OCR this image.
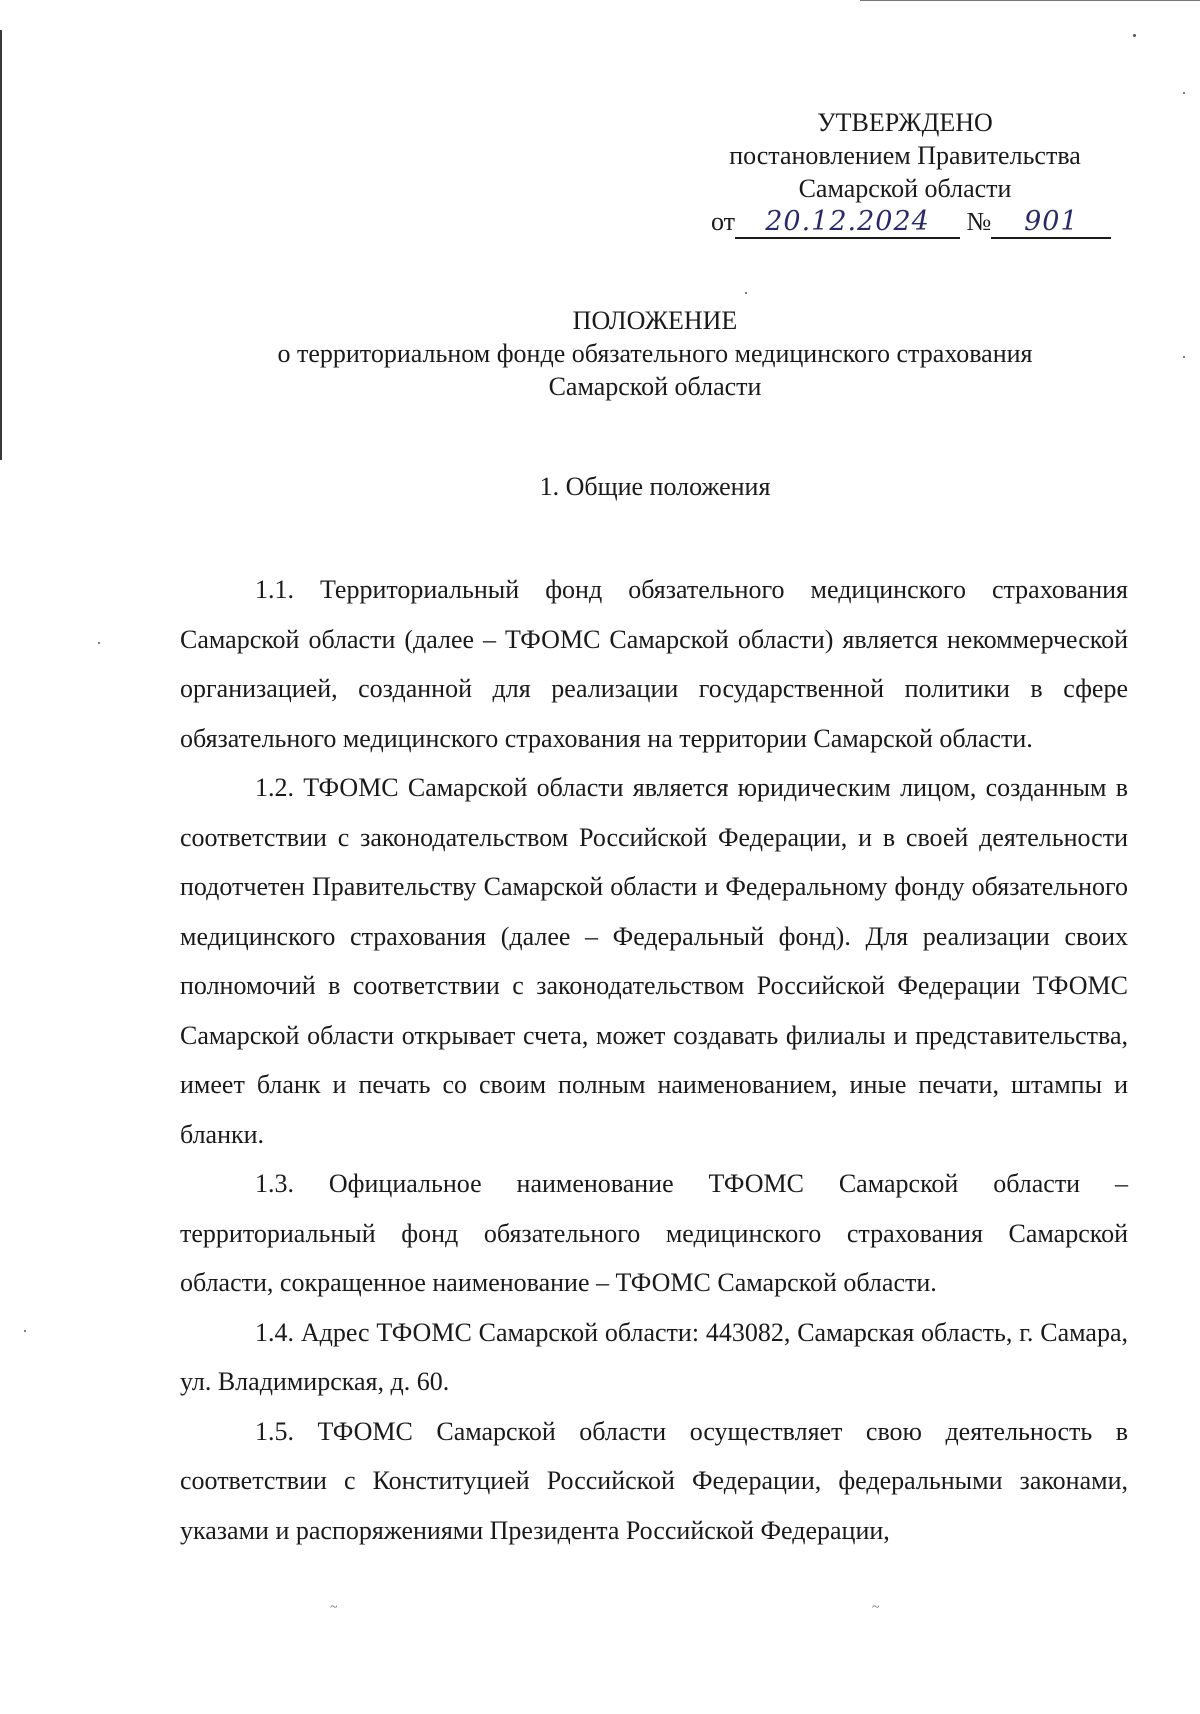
УТВЕРЖДЕНО
постановлением Правительства
Самарской области
от 20.12.2024 № 901
ПОЛОЖЕНИЕ
о территориальном фонде обязательного медицинского страхования
Самарской области
1. Общие положения

1.1. Территориальный фонд обязательного медицинского страхования Самарской области (далее – ТФОМС Самарской области) является некоммерческой организацией, созданной для реализации государственной политики в сфере обязательного медицинского страхования на территории Самарской области.

1.2. ТФОМС Самарской области является юридическим лицом, созданным в соответствии с законодательством Российской Федерации, и в своей деятельности подотчетен Правительству Самарской области и Федеральному фонду обязательного медицинского страхования (далее – Федеральный фонд). Для реализации своих полномочий в соответствии с законодательством Российской Федерации ТФОМС Самарской области открывает счета, может создавать филиалы и представительства, имеет бланк и печать со своим полным наименованием, иные печати, штампы и бланки.

1.3. Официальное наименование ТФОМС Самарской области – территориальный фонд обязательного медицинского страхования Самарской области, сокращенное наименование – ТФОМС Самарской области.

1.4. Адрес ТФОМС Самарской области: 443082, Самарская область, г. Самара, ул. Владимирская, д. 60.

1.5. ТФОМС Самарской области осуществляет свою деятельность в соответствии с Конституцией Российской Федерации, федеральными законами, указами и распоряжениями Президента Российской Федерации,

~	~
